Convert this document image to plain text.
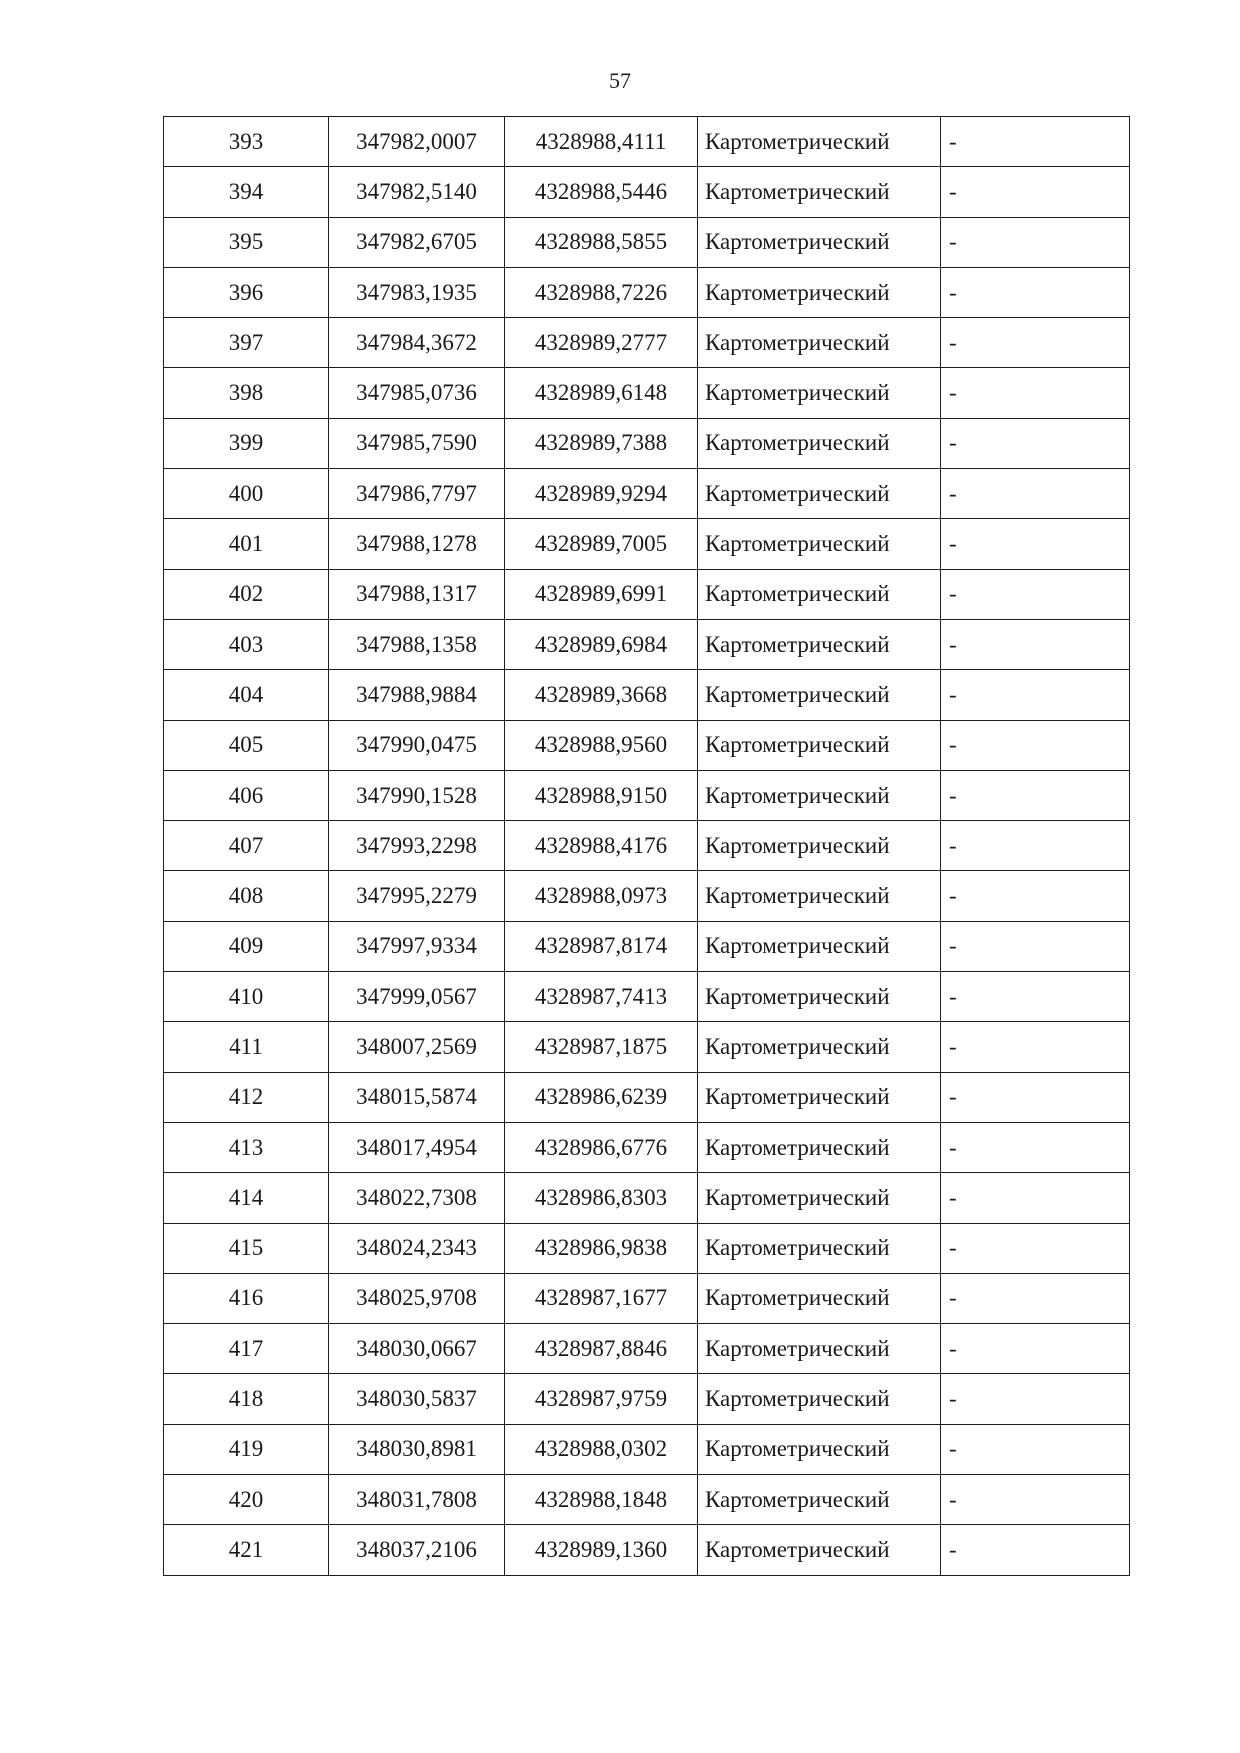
57
393	347982,0007	4328988,4111	Картометрический	-
394	347982,5140	4328988,5446	Картометрический	-
395	347982,6705	4328988,5855	Картометрический	-
396	347983,1935	4328988,7226	Картометрический	-
397	347984,3672	4328989,2777	Картометрический	-
398	347985,0736	4328989,6148	Картометрический	-
399	347985,7590	4328989,7388	Картометрический	-
400	347986,7797	4328989,9294	Картометрический	-
401	347988,1278	4328989,7005	Картометрический	-
402	347988,1317	4328989,6991	Картометрический	-
403	347988,1358	4328989,6984	Картометрический	-
404	347988,9884	4328989,3668	Картометрический	-
405	347990,0475	4328988,9560	Картометрический	-
406	347990,1528	4328988,9150	Картометрический	-
407	347993,2298	4328988,4176	Картометрический	-
408	347995,2279	4328988,0973	Картометрический	-
409	347997,9334	4328987,8174	Картометрический	-
410	347999,0567	4328987,7413	Картометрический	-
411	348007,2569	4328987,1875	Картометрический	-
412	348015,5874	4328986,6239	Картометрический	-
413	348017,4954	4328986,6776	Картометрический	-
414	348022,7308	4328986,8303	Картометрический	-
415	348024,2343	4328986,9838	Картометрический	-
416	348025,9708	4328987,1677	Картометрический	-
417	348030,0667	4328987,8846	Картометрический	-
418	348030,5837	4328987,9759	Картометрический	-
419	348030,8981	4328988,0302	Картометрический	-
420	348031,7808	4328988,1848	Картометрический	-
421	348037,2106	4328989,1360	Картометрический	-
